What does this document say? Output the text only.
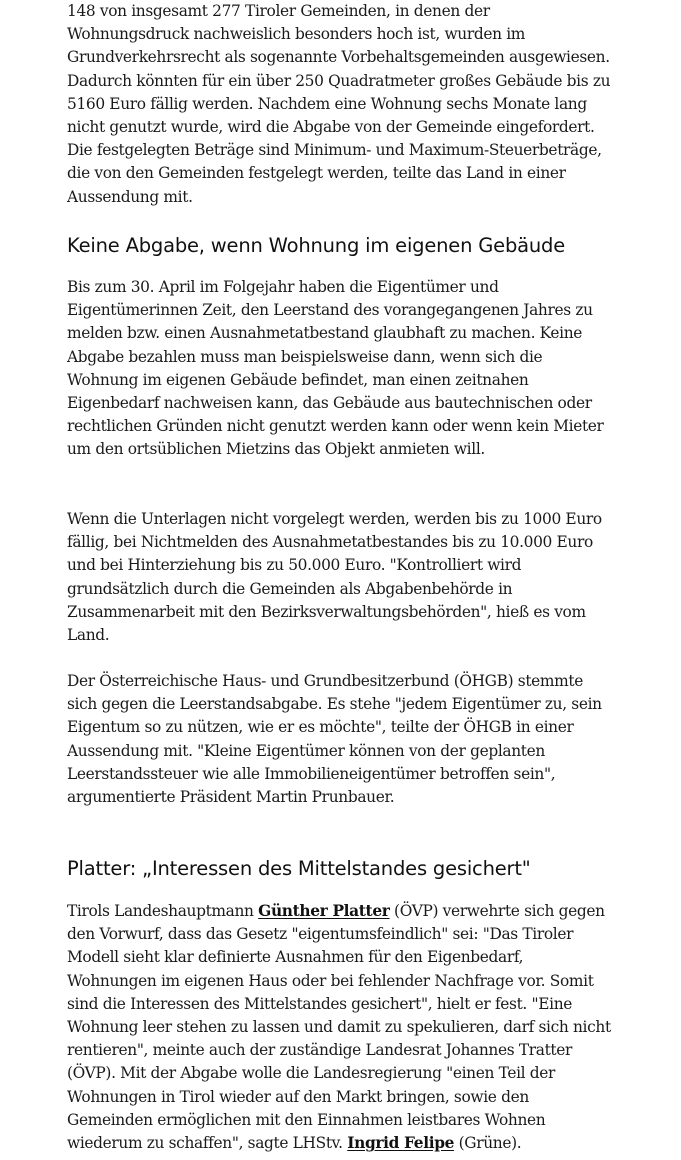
148 von insgesamt 277 Tiroler Gemeinden, in denen der Wohnungsdruck nachweislich besonders hoch ist, wurden im Grundverkehrsrecht als sogenannte Vorbehaltsgemeinden ausgewiesen. Dadurch könnten für ein über 250 Quadratmeter großes Gebäude bis zu 5160 Euro fällig werden. Nachdem eine Wohnung sechs Monate lang nicht genutzt wurde, wird die Abgabe von der Gemeinde eingefordert. Die festgelegten Beträge sind Minimum- und Maximum-Steuerbeträge, die von den Gemeinden festgelegt werden, teilte das Land in einer Aussendung mit.

Keine Abgabe, wenn Wohnung im eigenen Gebäude

Bis zum 30. April im Folgejahr haben die Eigentümer und Eigentümerinnen Zeit, den Leerstand des vorangegangenen Jahres zu melden bzw. einen Ausnahmetatbestand glaubhaft zu machen. Keine Abgabe bezahlen muss man beispielsweise dann, wenn sich die Wohnung im eigenen Gebäude befindet, man einen zeitnahen Eigenbedarf nachweisen kann, das Gebäude aus bautechnischen oder rechtlichen Gründen nicht genutzt werden kann oder wenn kein Mieter um den ortsüblichen Mietzins das Objekt anmieten will.

Wenn die Unterlagen nicht vorgelegt werden, werden bis zu 1000 Euro fällig, bei Nichtmelden des Ausnahmetatbestandes bis zu 10.000 Euro und bei Hinterziehung bis zu 50.000 Euro. "Kontrolliert wird grundsätzlich durch die Gemeinden als Abgabenbehörde in Zusammenarbeit mit den Bezirksverwaltungsbehörden", hieß es vom Land.

Der Österreichische Haus- und Grundbesitzerbund (ÖHGB) stemmte sich gegen die Leerstandsabgabe. Es stehe "jedem Eigentümer zu, sein Eigentum so zu nützen, wie er es möchte", teilte der ÖHGB in einer Aussendung mit. "Kleine Eigentümer können von der geplanten Leerstandssteuer wie alle Immobilieneigentümer betroffen sein", argumentierte Präsident Martin Prunbauer.

Platter: „Interessen des Mittelstandes gesichert"

Tirols Landeshauptmann Günther Platter (ÖVP) verwehrte sich gegen den Vorwurf, dass das Gesetz "eigentumsfeindlich" sei: "Das Tiroler Modell sieht klar definierte Ausnahmen für den Eigenbedarf, Wohnungen im eigenen Haus oder bei fehlender Nachfrage vor. Somit sind die Interessen des Mittelstandes gesichert", hielt er fest. "Eine Wohnung leer stehen zu lassen und damit zu spekulieren, darf sich nicht rentieren", meinte auch der zuständige Landesrat Johannes Tratter (ÖVP). Mit der Abgabe wolle die Landesregierung "einen Teil der Wohnungen in Tirol wieder auf den Markt bringen, sowie den Gemeinden ermöglichen mit den Einnahmen leistbares Wohnen wiederum zu schaffen", sagte LHStv. Ingrid Felipe (Grüne).
